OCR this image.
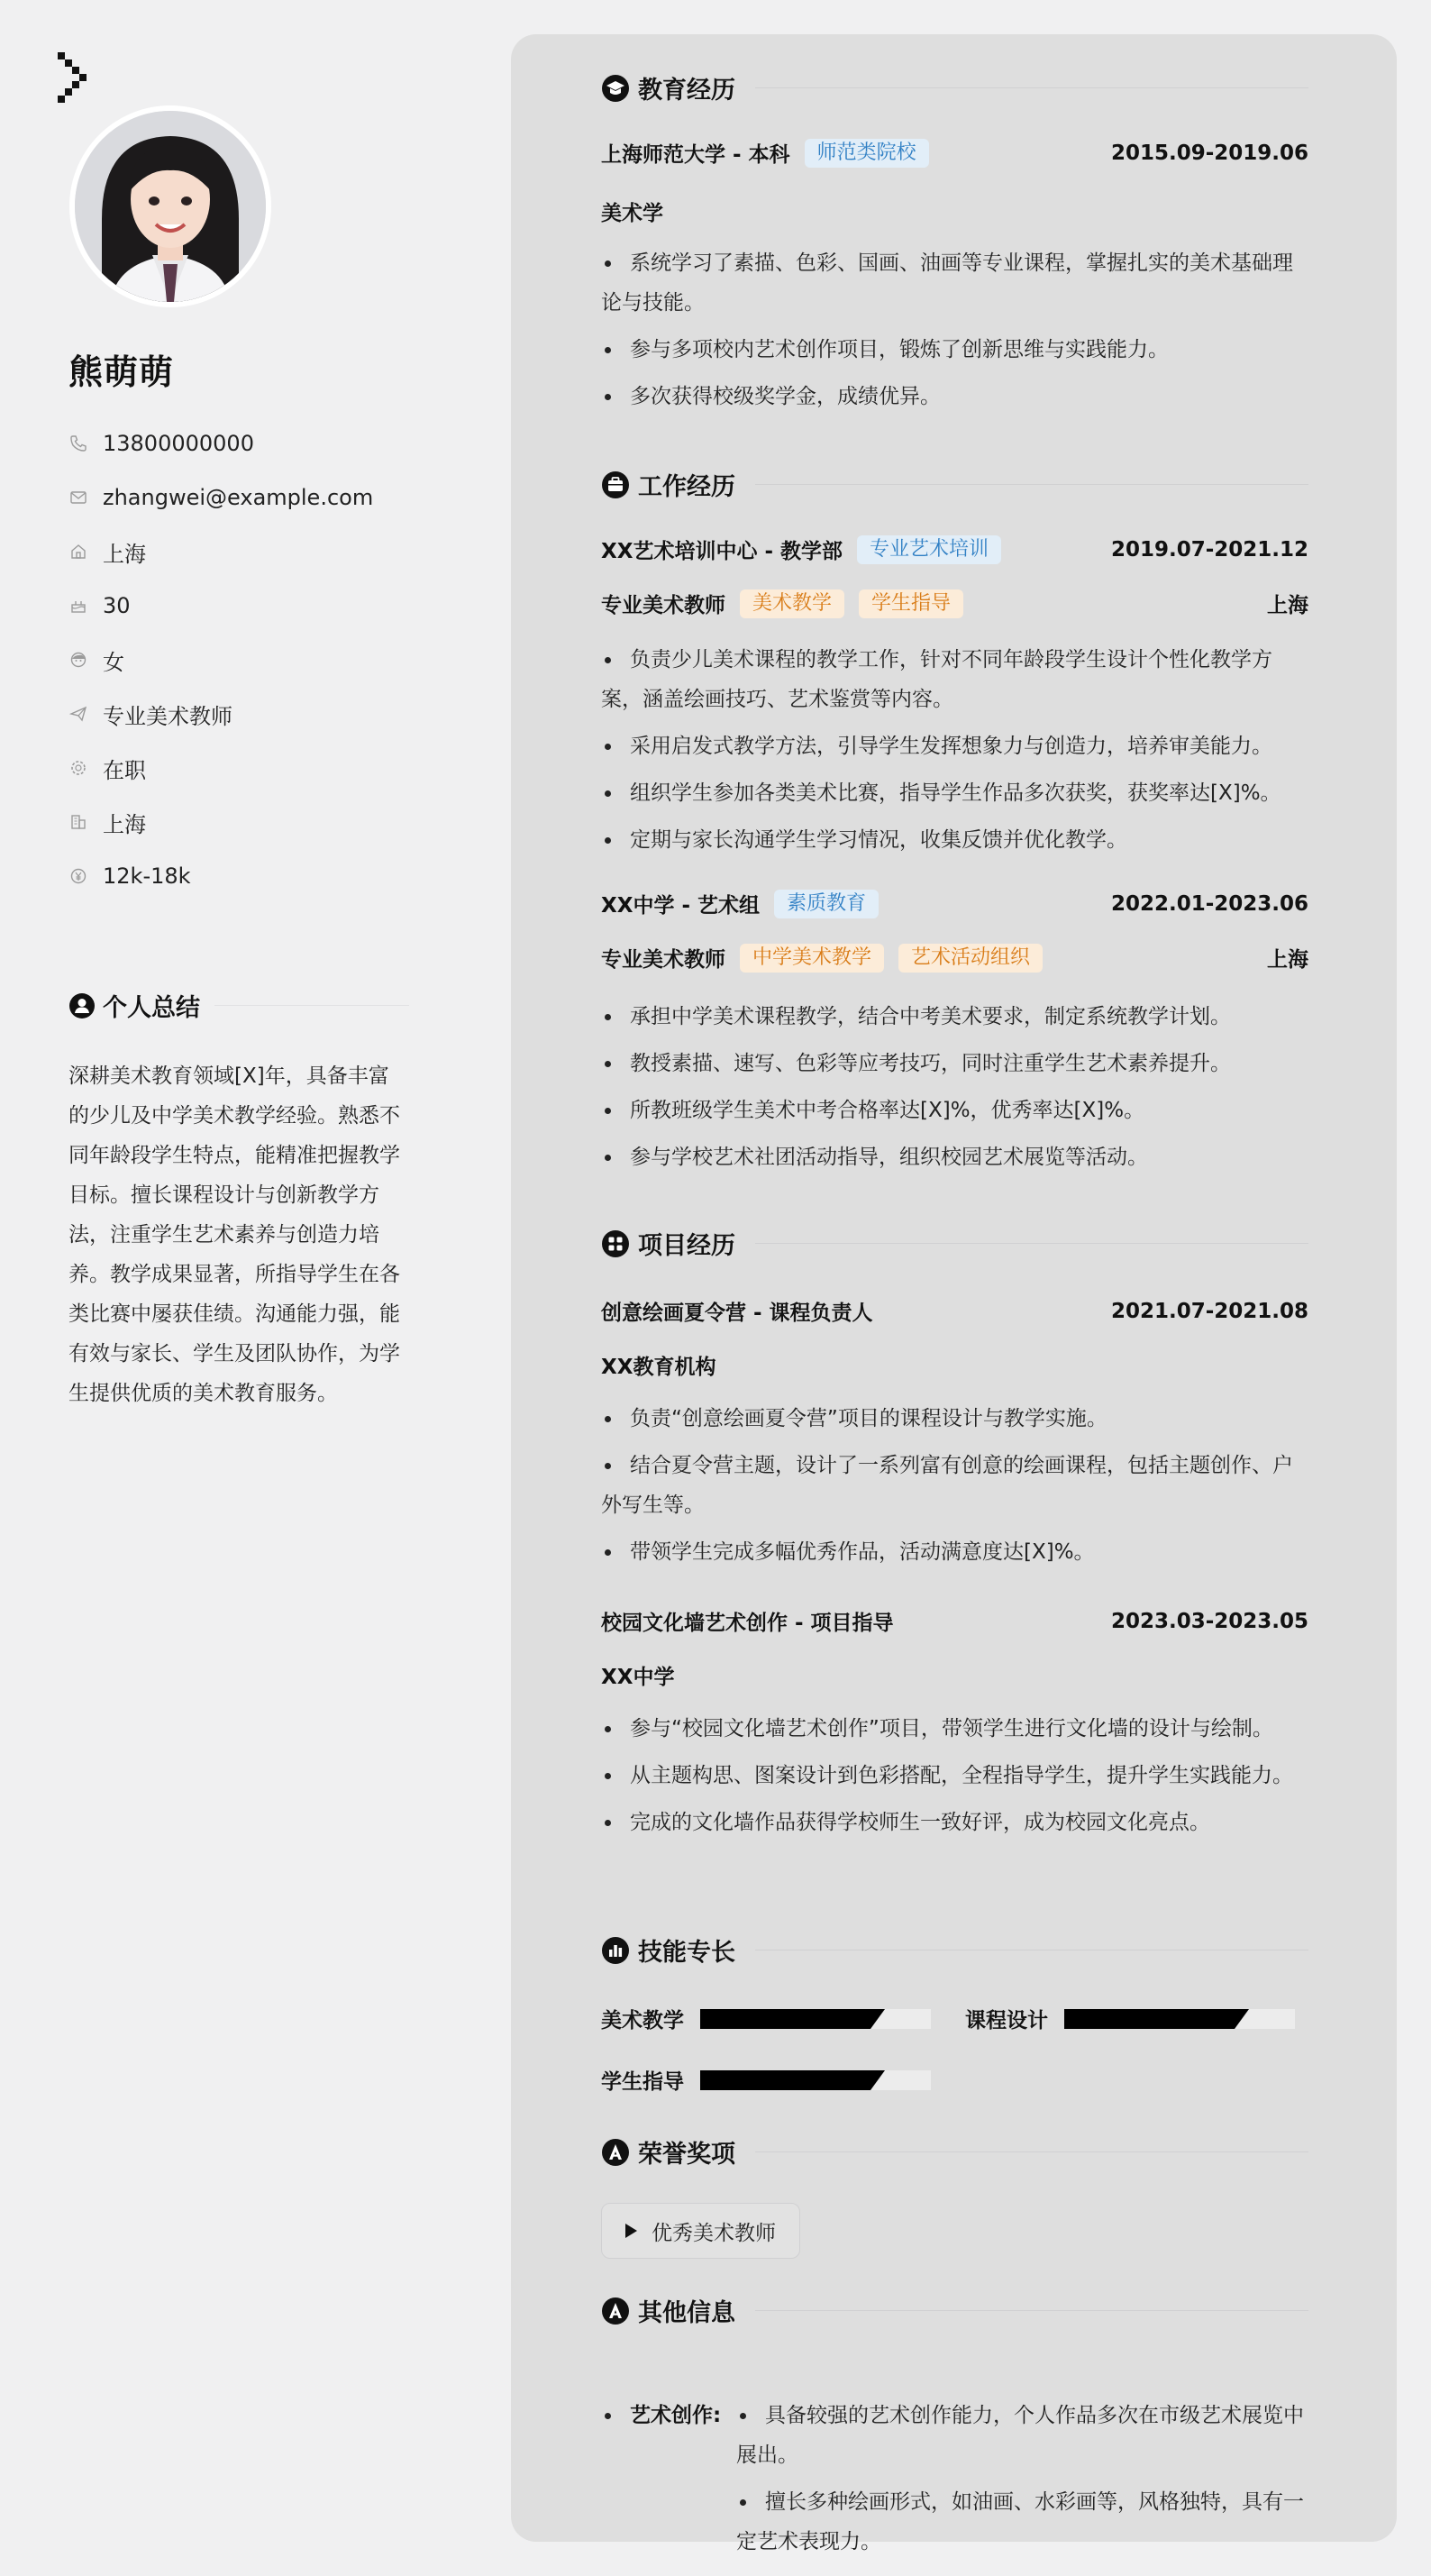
熊萌萌
13800000000
zhangwei@example.com
上海
30
女
专业美术教师
在职
上海
12k-18k
个人总结

深耕美术教育领域[X]年，具备丰富的少儿及中学美术教学经验。熟悉不同年龄段学生特点，能精准把握教学目标。擅长课程设计与创新教学方法，注重学生艺术素养与创造力培养。教学成果显著，所指导学生在各类比赛中屡获佳绩。沟通能力强，能有效与家长、学生及团队协作，为学生提供优质的美术教育服务。

教育经历
上海师范大学 - 本科	师范类院校	2015.09-2019.06
美术学
系统学习了素描、色彩、国画、油画等专业课程，掌握扎实的美术基础理论与技能。
参与多项校内艺术创作项目，锻炼了创新思维与实践能力。
多次获得校级奖学金，成绩优异。
工作经历
XX艺术培训中心 - 教学部	专业艺术培训	2019.07-2021.12
专业美术教师	美术教学	学生指导	上海
负责少儿美术课程的教学工作，针对不同年龄段学生设计个性化教学方案，涵盖绘画技巧、艺术鉴赏等内容。
采用启发式教学方法，引导学生发挥想象力与创造力，培养审美能力。
组织学生参加各类美术比赛，指导学生作品多次获奖，获奖率达[X]%。
定期与家长沟通学生学习情况，收集反馈并优化教学。
XX中学 - 艺术组	素质教育	2022.01-2023.06
专业美术教师	中学美术教学	艺术活动组织	上海
承担中学美术课程教学，结合中考美术要求，制定系统教学计划。
教授素描、速写、色彩等应考技巧，同时注重学生艺术素养提升。
所教班级学生美术中考合格率达[X]%，优秀率达[X]%。
参与学校艺术社团活动指导，组织校园艺术展览等活动。
项目经历
创意绘画夏令营 - 课程负责人	2021.07-2021.08
XX教育机构
负责“创意绘画夏令营”项目的课程设计与教学实施。
结合夏令营主题，设计了一系列富有创意的绘画课程，包括主题创作、户外写生等。
带领学生完成多幅优秀作品，活动满意度达[X]%。
校园文化墙艺术创作 - 项目指导	2023.03-2023.05
XX中学
参与“校园文化墙艺术创作”项目，带领学生进行文化墙的设计与绘制。
从主题构思、图案设计到色彩搭配，全程指导学生，提升学生实践能力。
完成的文化墙作品获得学校师生一致好评，成为校园文化亮点。
技能专长
美术教学	课程设计
学生指导
荣誉奖项
优秀美术教师
其他信息
艺术创作:	具备较强的艺术创作能力，个人作品多次在市级艺术展览中展出。
擅长多种绘画形式，如油画、水彩画等，风格独特，具有一定艺术表现力。
